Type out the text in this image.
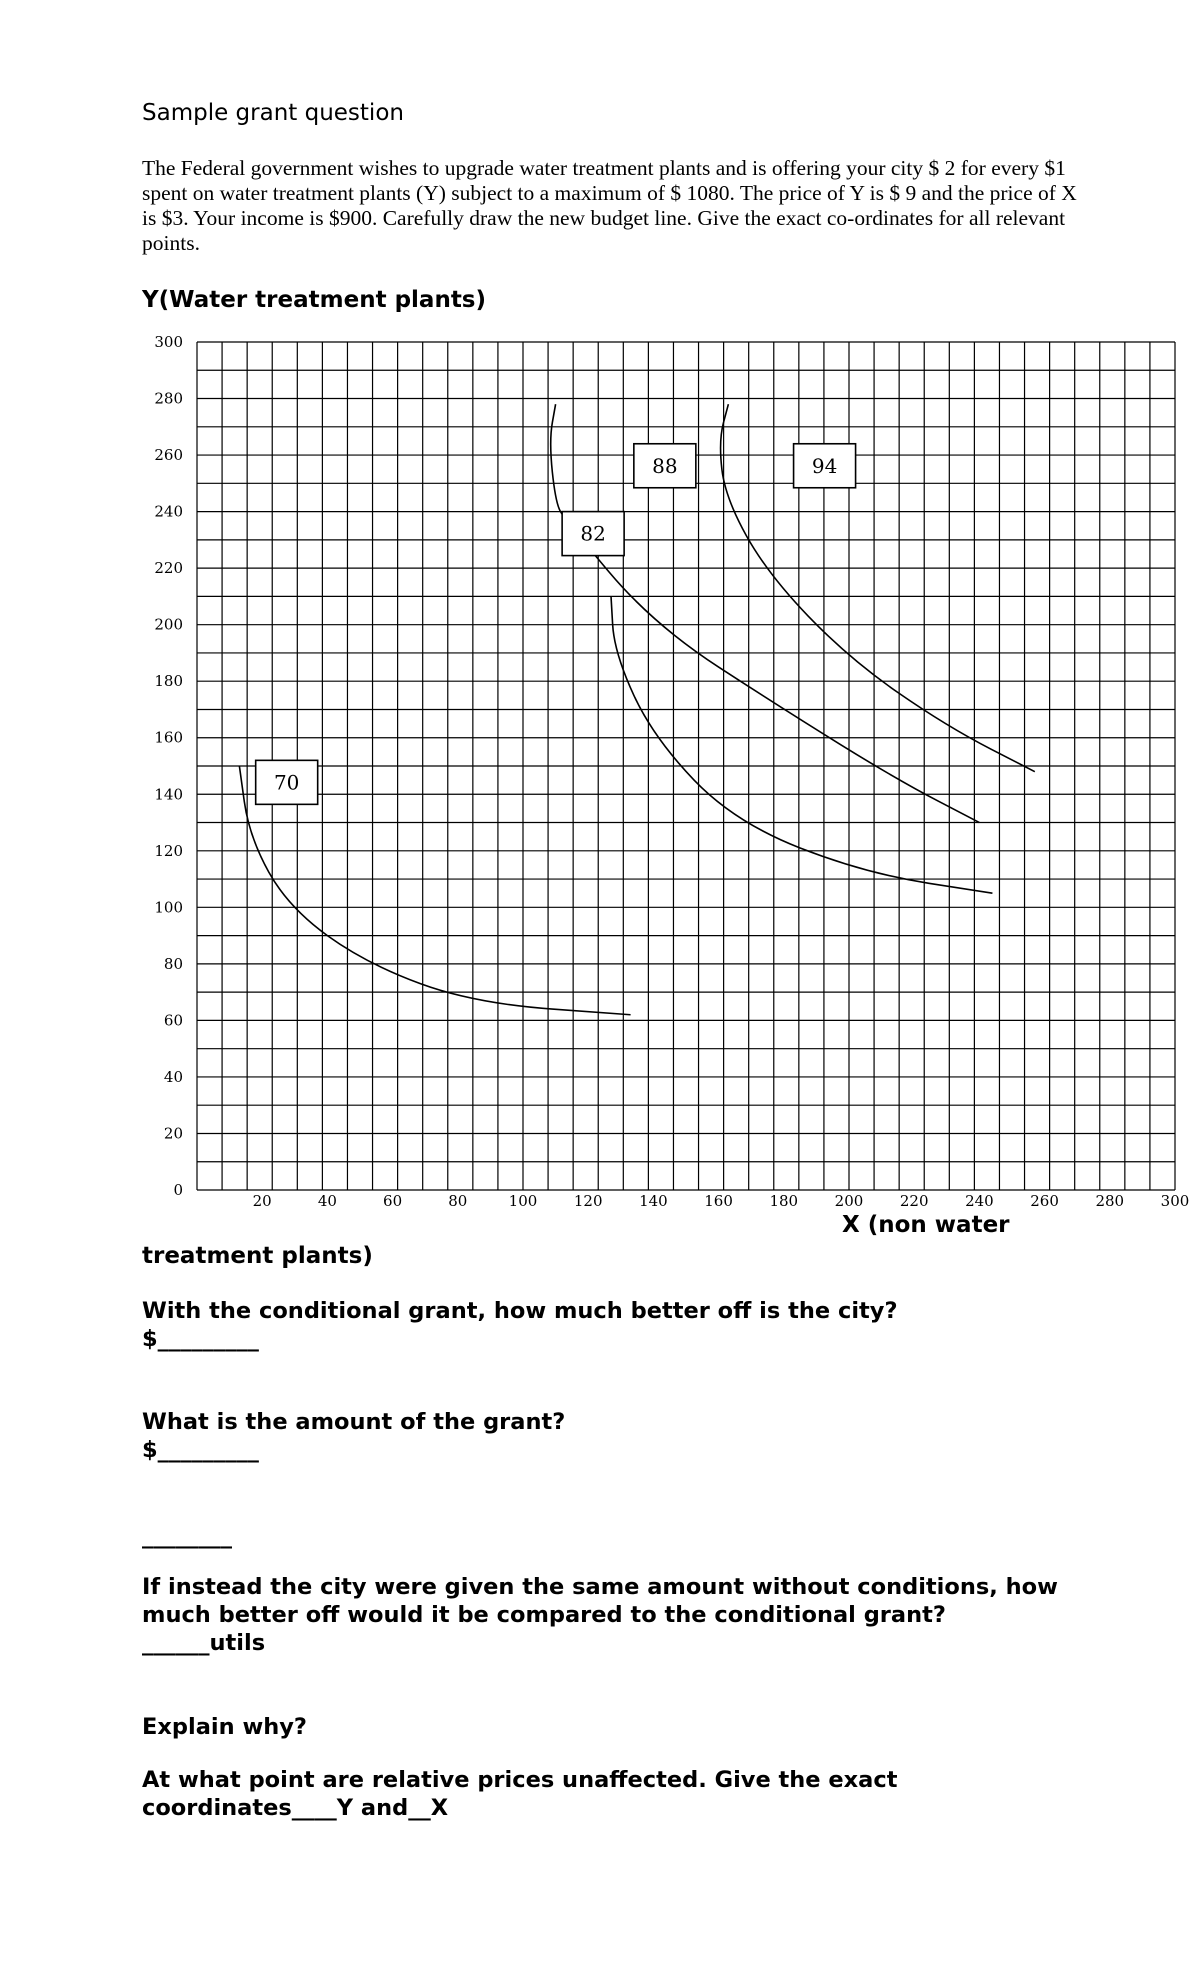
Sample grant question
The Federal government wishes to upgrade water treatment plants and is offering your city $ 2 for every $1 spent on water treatment plants (Y) subject to a maximum of $ 1080. The price of Y is $ 9 and the price of X is $3. Your income is $900. Carefully draw the new budget line. Give the exact co-ordinates for all relevant points.
Y(Water treatment plants)
300
280
260
240
220
200
180
160
140
120
100
80
60
40
20
0
20	40	60	80	100 120 140 160 180 200 220 240 260 280 300
70
82
88	94
X (non water
treatment plants)
With the conditional grant, how much better off is the city?
$_________
What is the amount of the grant?
$_________
________
If instead the city were given the same amount without conditions, how much better off would it be compared to the conditional grant?
______utils
Explain why?
At what point are relative prices unaffected. Give the exact coordinates____Y and__X
